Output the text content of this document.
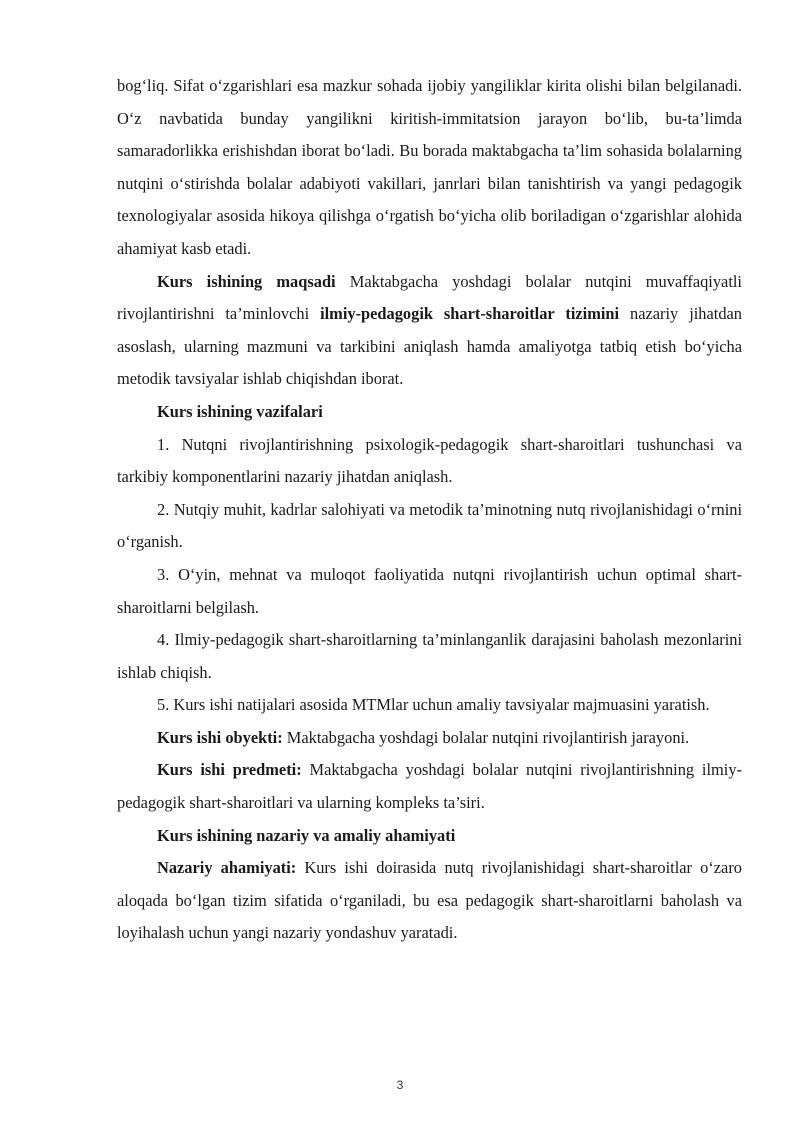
bog‘liq. Sifat o‘zgarishlari esa mazkur sohada ijobiy yangiliklar kirita olishi bilan belgilanadi. O‘z navbatida bunday yangilikni kiritish-immitatsion jarayon bo‘lib, bu-ta’limda samaradorlikka erishishdan iborat bo‘ladi. Bu borada maktabgacha ta’lim sohasida bolalarning nutqini o‘stirishda bolalar adabiyoti vakillari, janrlari bilan tanishtirish va yangi pedagogik texnologiyalar asosida hikoya qilishga o‘rgatish bo‘yicha olib boriladigan o‘zgarishlar alohida ahamiyat kasb etadi.

Kurs ishining maqsadi Maktabgacha yoshdagi bolalar nutqini muvaffaqiyatli rivojlantirishni ta’minlovchi ilmiy-pedagogik shart-sharoitlar tizimini nazariy jihatdan asoslash, ularning mazmuni va tarkibini aniqlash hamda amaliyotga tatbiq etish bo‘yicha metodik tavsiyalar ishlab chiqishdan iborat.

Kurs ishining vazifalari

1. Nutqni rivojlantirishning psixologik-pedagogik shart-sharoitlari tushunchasi va tarkibiy komponentlarini nazariy jihatdan aniqlash.

2. Nutqiy muhit, kadrlar salohiyati va metodik ta’minotning nutq rivojlanishidagi o‘rnini o‘rganish.

3. O‘yin, mehnat va muloqot faoliyatida nutqni rivojlantirish uchun optimal shart-sharoitlarni belgilash.

4. Ilmiy-pedagogik shart-sharoitlarning ta’minlanganlik darajasini baholash mezonlarini ishlab chiqish.

5. Kurs ishi natijalari asosida MTMlar uchun amaliy tavsiyalar majmuasini yaratish.

Kurs ishi obyekti: Maktabgacha yoshdagi bolalar nutqini rivojlantirish jarayoni.

Kurs ishi predmeti: Maktabgacha yoshdagi bolalar nutqini rivojlantirishning ilmiy-pedagogik shart-sharoitlari va ularning kompleks ta’siri.

Kurs ishining nazariy va amaliy ahamiyati

Nazariy ahamiyati: Kurs ishi doirasida nutq rivojlanishidagi shart-sharoitlar o‘zaro aloqada bo‘lgan tizim sifatida o‘rganiladi, bu esa pedagogik shart-sharoitlarni baholash va loyihalash uchun yangi nazariy yondashuv yaratadi.

3
